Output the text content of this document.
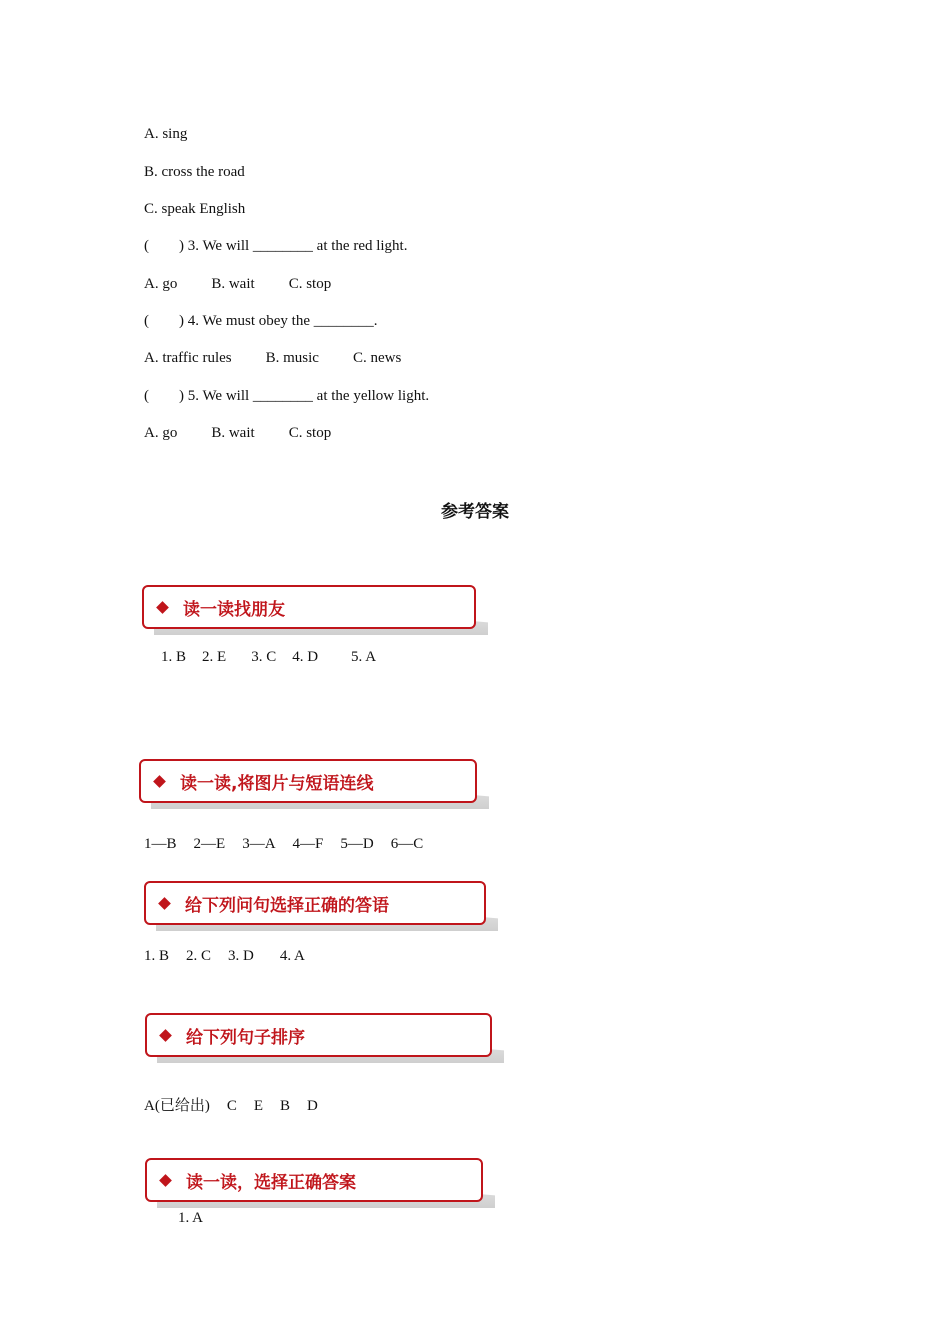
A. sing
B. cross the road
C. speak English
(        ) 3. We will ________ at the red light.
A. go B. wait C. stop
(        ) 4. We must obey the ________.
A. traffic rules B. music C. news
(        ) 5. We will ________ at the yellow light.
A. go B. wait C. stop
参考答案
读一读找朋友
1. B 2. E 3. C 4. D 5. A
读一读,将图片与短语连线
1—B 2—E 3—A 4—F 5—D 6—C
给下列问句选择正确的答语
1. B 2. C 3. D 4. A
给下列句子排序
A(已给出) C E B D
读一读，选择正确答案
1. A
